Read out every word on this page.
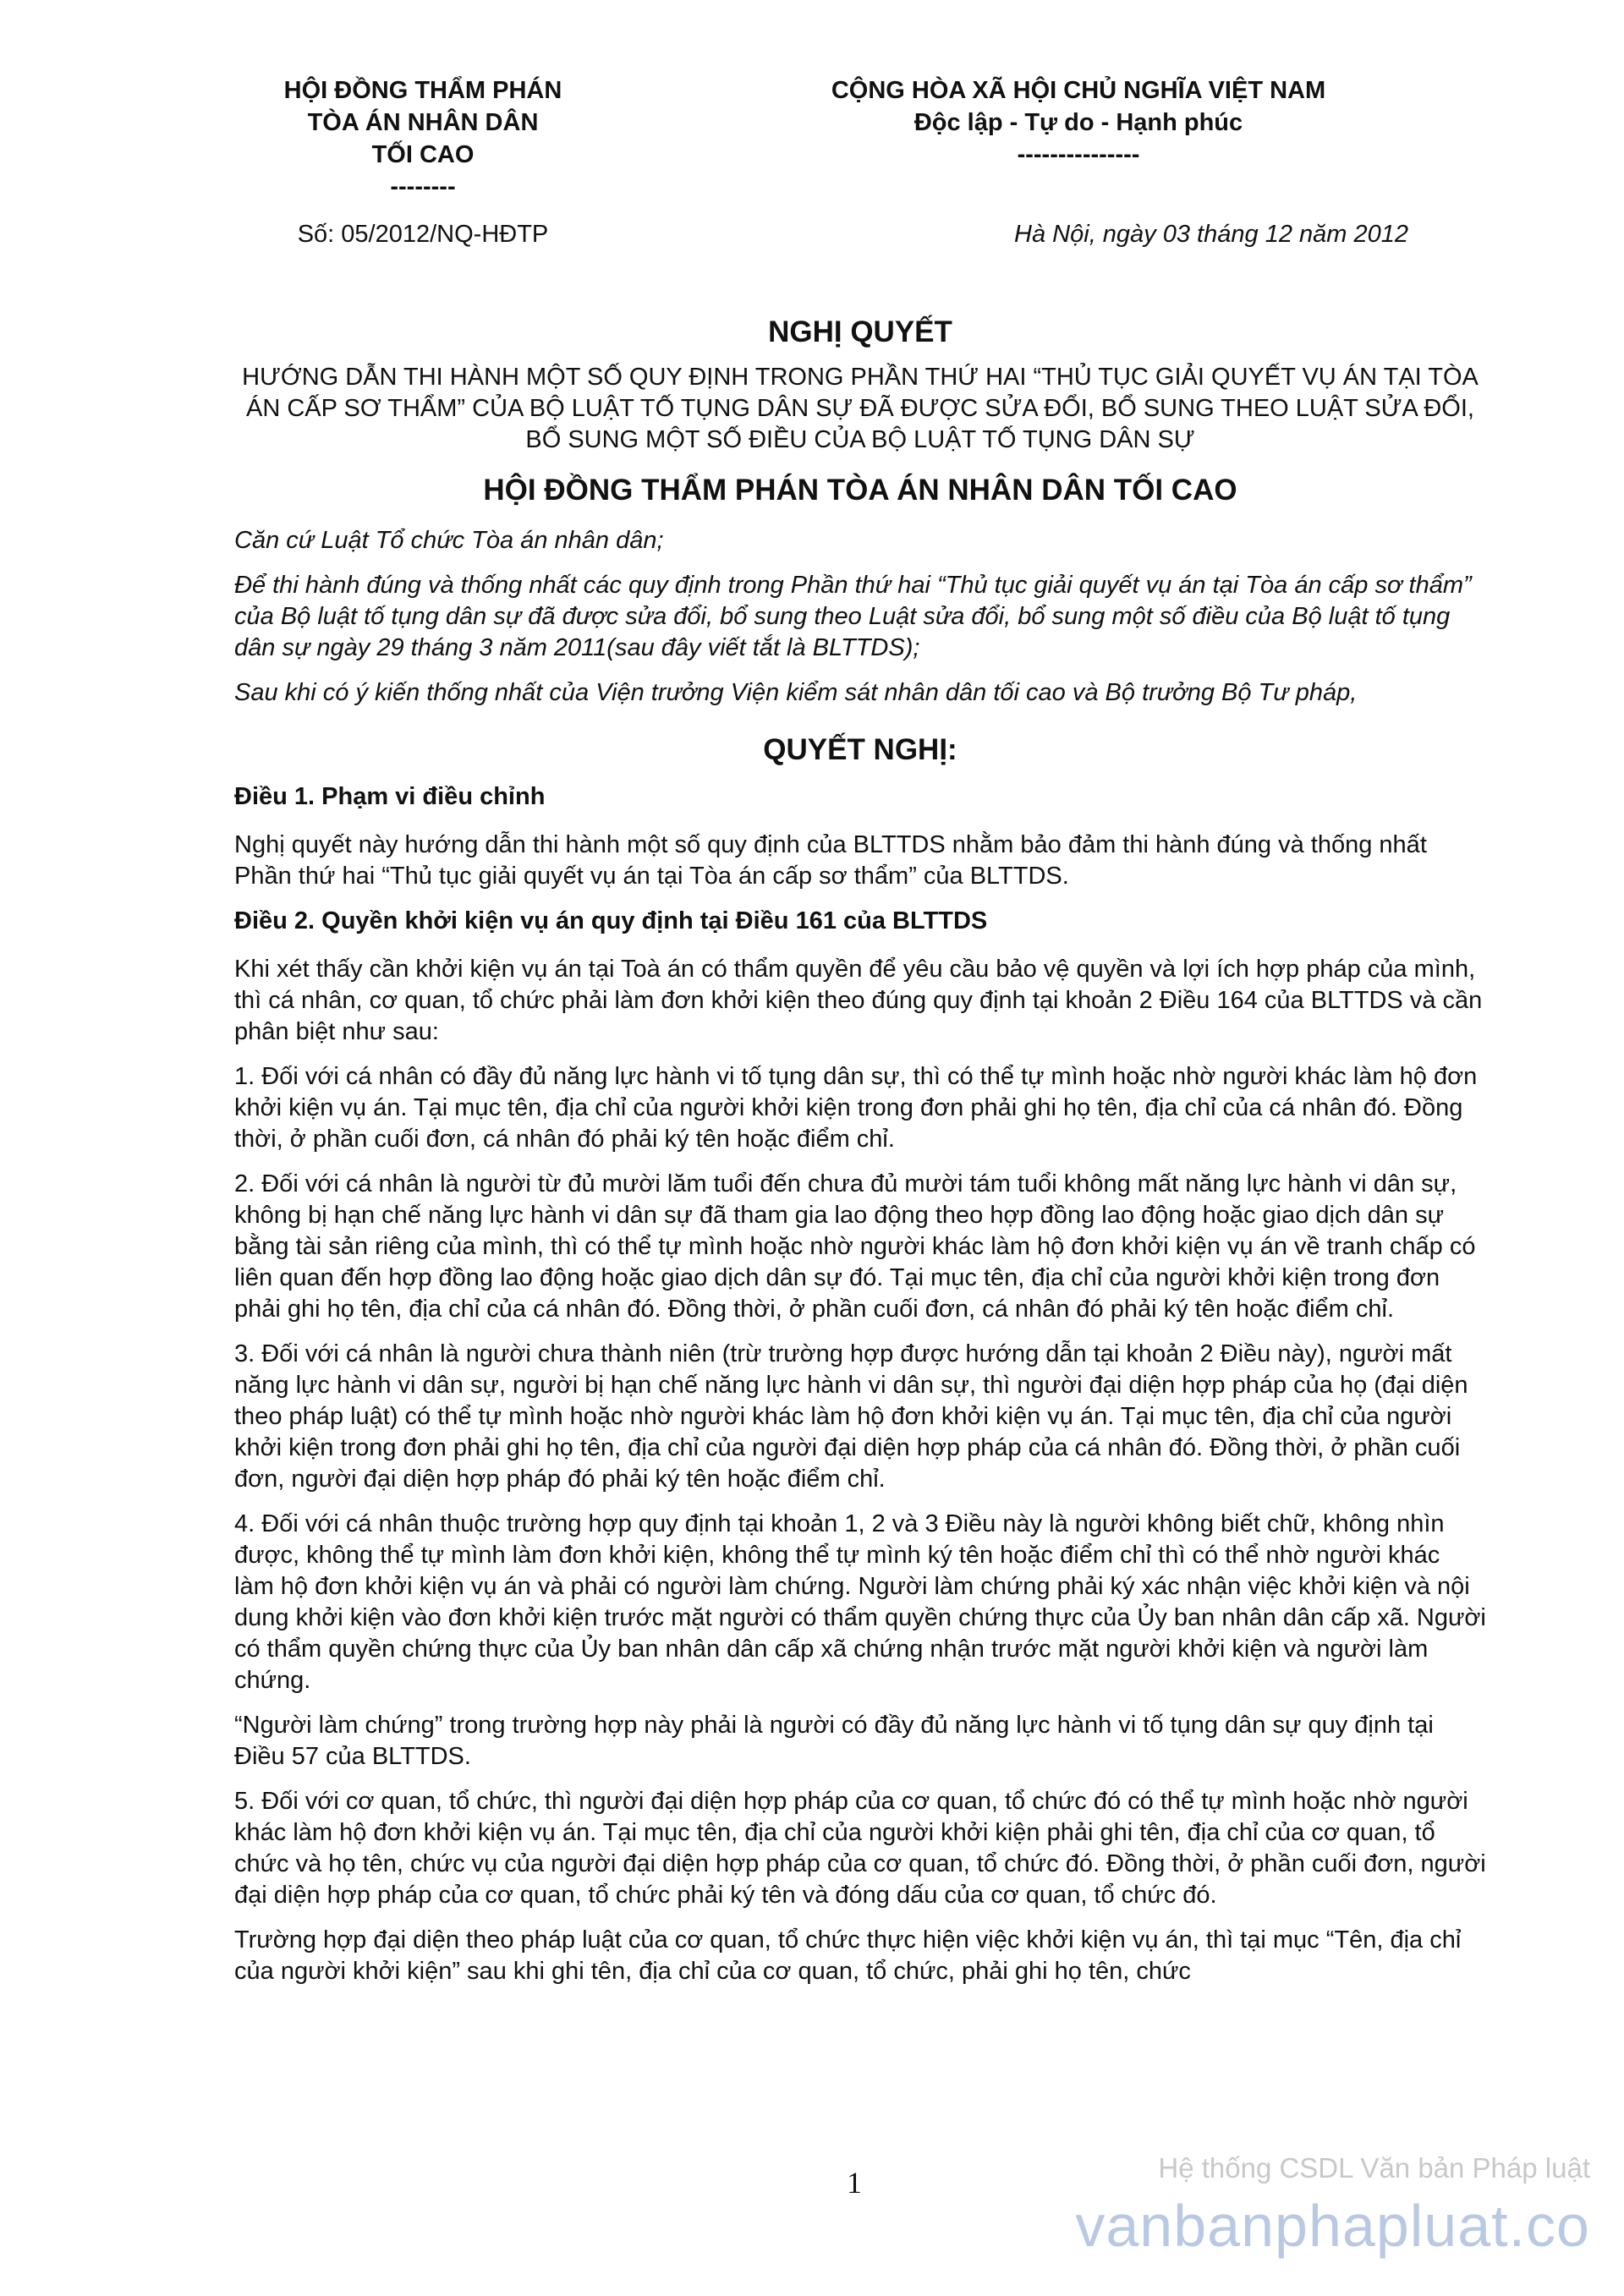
HỘI ĐỒNG THẨM PHÁN
TÒA ÁN NHÂN DÂN
TỐI CAO
--------
CỘNG HÒA XÃ HỘI CHỦ NGHĨA VIỆT NAM
Độc lập - Tự do - Hạnh phúc
---------------
Số: 05/2012/NQ-HĐTP	Hà Nội, ngày 03 tháng 12 năm 2012
NGHỊ QUYẾT
HƯỚNG DẪN THI HÀNH MỘT SỐ QUY ĐỊNH TRONG PHẦN THỨ HAI “THỦ TỤC GIẢI QUYẾT VỤ ÁN TẠI TÒA ÁN CẤP SƠ THẨM” CỦA BỘ LUẬT TỐ TỤNG DÂN SỰ ĐÃ ĐƯỢC SỬA ĐỔI, BỔ SUNG THEO LUẬT SỬA ĐỔI, BỔ SUNG MỘT SỐ ĐIỀU CỦA BỘ LUẬT TỐ TỤNG DÂN SỰ
HỘI ĐỒNG THẨM PHÁN TÒA ÁN NHÂN DÂN TỐI CAO
Căn cứ Luật Tổ chức Tòa án nhân dân;
Để thi hành đúng và thống nhất các quy định trong Phần thứ hai “Thủ tục giải quyết vụ án tại Tòa án cấp sơ thẩm” của Bộ luật tố tụng dân sự đã được sửa đổi, bổ sung theo Luật sửa đổi, bổ sung một số điều của Bộ luật tố tụng dân sự ngày 29 tháng 3 năm 2011(sau đây viết tắt là BLTTDS);
Sau khi có ý kiến thống nhất của Viện trưởng Viện kiểm sát nhân dân tối cao và Bộ trưởng Bộ Tư pháp,
QUYẾT NGHỊ:
Điều 1. Phạm vi điều chỉnh
Nghị quyết này hướng dẫn thi hành một số quy định của BLTTDS nhằm bảo đảm thi hành đúng và thống nhất Phần thứ hai “Thủ tục giải quyết vụ án tại Tòa án cấp sơ thẩm” của BLTTDS.
Điều 2. Quyền khởi kiện vụ án quy định tại Điều 161 của BLTTDS
Khi xét thấy cần khởi kiện vụ án tại Toà án có thẩm quyền để yêu cầu bảo vệ quyền và lợi ích hợp pháp của mình, thì cá nhân, cơ quan, tổ chức phải làm đơn khởi kiện theo đúng quy định tại khoản 2 Điều 164 của BLTTDS và cần phân biệt như sau:
1. Đối với cá nhân có đầy đủ năng lực hành vi tố tụng dân sự, thì có thể tự mình hoặc nhờ người khác làm hộ đơn khởi kiện vụ án. Tại mục tên, địa chỉ của người khởi kiện trong đơn phải ghi họ tên, địa chỉ của cá nhân đó. Đồng thời, ở phần cuối đơn, cá nhân đó phải ký tên hoặc điểm chỉ.
2. Đối với cá nhân là người từ đủ mười lăm tuổi đến chưa đủ mười tám tuổi không mất năng lực hành vi dân sự, không bị hạn chế năng lực hành vi dân sự đã tham gia lao động theo hợp đồng lao động hoặc giao dịch dân sự bằng tài sản riêng của mình, thì có thể tự mình hoặc nhờ người khác làm hộ đơn khởi kiện vụ án về tranh chấp có liên quan đến hợp đồng lao động hoặc giao dịch dân sự đó. Tại mục tên, địa chỉ của người khởi kiện trong đơn phải ghi họ tên, địa chỉ của cá nhân đó. Đồng thời, ở phần cuối đơn, cá nhân đó phải ký tên hoặc điểm chỉ.
3. Đối với cá nhân là người chưa thành niên (trừ trường hợp được hướng dẫn tại khoản 2 Điều này), người mất năng lực hành vi dân sự, người bị hạn chế năng lực hành vi dân sự, thì người đại diện hợp pháp của họ (đại diện theo pháp luật) có thể tự mình hoặc nhờ người khác làm hộ đơn khởi kiện vụ án. Tại mục tên, địa chỉ của người khởi kiện trong đơn phải ghi họ tên, địa chỉ của người đại diện hợp pháp của cá nhân đó. Đồng thời, ở phần cuối đơn, người đại diện hợp pháp đó phải ký tên hoặc điểm chỉ.
4. Đối với cá nhân thuộc trường hợp quy định tại khoản 1, 2 và 3 Điều này là người không biết chữ, không nhìn được, không thể tự mình làm đơn khởi kiện, không thể tự mình ký tên hoặc điểm chỉ thì có thể nhờ người khác làm hộ đơn khởi kiện vụ án và phải có người làm chứng. Người làm chứng phải ký xác nhận việc khởi kiện và nội dung khởi kiện vào đơn khởi kiện trước mặt người có thẩm quyền chứng thực của Ủy ban nhân dân cấp xã. Người có thẩm quyền chứng thực của Ủy ban nhân dân cấp xã chứng nhận trước mặt người khởi kiện và người làm chứng.
“Người làm chứng” trong trường hợp này phải là người có đầy đủ năng lực hành vi tố tụng dân sự quy định tại Điều 57 của BLTTDS.
5. Đối với cơ quan, tổ chức, thì người đại diện hợp pháp của cơ quan, tổ chức đó có thể tự mình hoặc nhờ người khác làm hộ đơn khởi kiện vụ án. Tại mục tên, địa chỉ của người khởi kiện phải ghi tên, địa chỉ của cơ quan, tổ chức và họ tên, chức vụ của người đại diện hợp pháp của cơ quan, tổ chức đó. Đồng thời, ở phần cuối đơn, người đại diện hợp pháp của cơ quan, tổ chức phải ký tên và đóng dấu của cơ quan, tổ chức đó.
Trường hợp đại diện theo pháp luật của cơ quan, tổ chức thực hiện việc khởi kiện vụ án, thì tại mục “Tên, địa chỉ của người khởi kiện” sau khi ghi tên, địa chỉ của cơ quan, tổ chức, phải ghi họ tên, chức
1	Hệ thống CSDL Văn bản Pháp luật
vanbanphapluat.co
